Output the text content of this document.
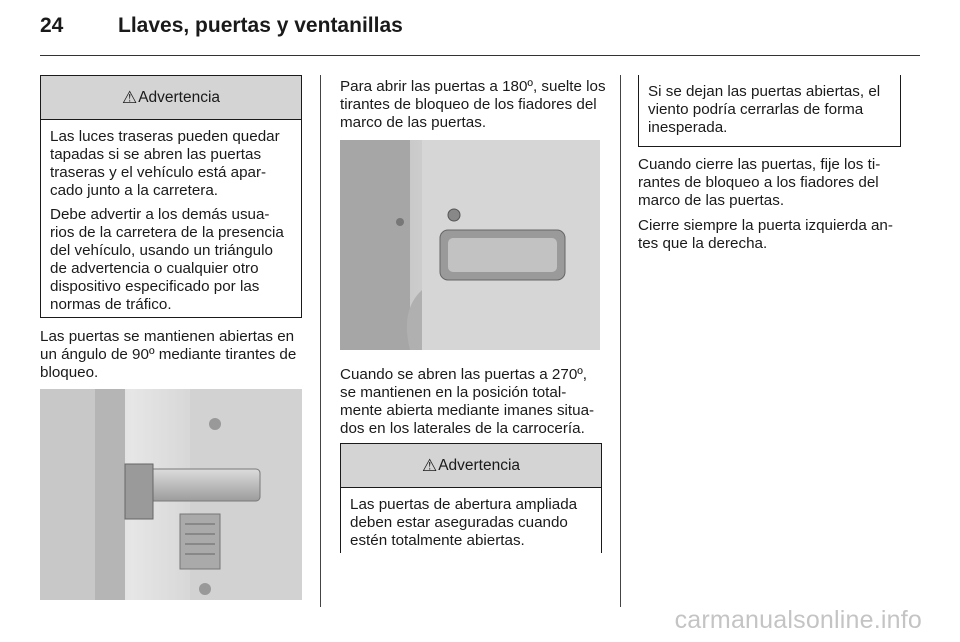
24	Llaves, puertas y ventanillas
⚠ Advertencia

Las luces traseras pueden quedar tapadas si se abren las puertas traseras y el vehículo está apar-cado junto a la carretera.

Debe advertir a los demás usua-rios de la carretera de la presencia del vehículo, usando un triángulo de advertencia o cualquier otro dispositivo especificado por las normas de tráfico.

Las puertas se mantienen abiertas en un ángulo de 90º mediante tirantes de bloqueo.

Para abrir las puertas a 180º, suelte los tirantes de bloqueo de los fiadores del marco de las puertas.

Cuando se abren las puertas a 270º, se mantienen en la posición total-mente abierta mediante imanes situa-dos en los laterales de la carrocería.

⚠ Advertencia

Las puertas de abertura ampliada deben estar aseguradas cuando estén totalmente abiertas.

Si se dejan las puertas abiertas, el viento podría cerrarlas de forma inesperada.

Cuando cierre las puertas, fije los ti-rantes de bloqueo a los fiadores del marco de las puertas.

Cierre siempre la puerta izquierda an-tes que la derecha.

carmanualsonline.info
